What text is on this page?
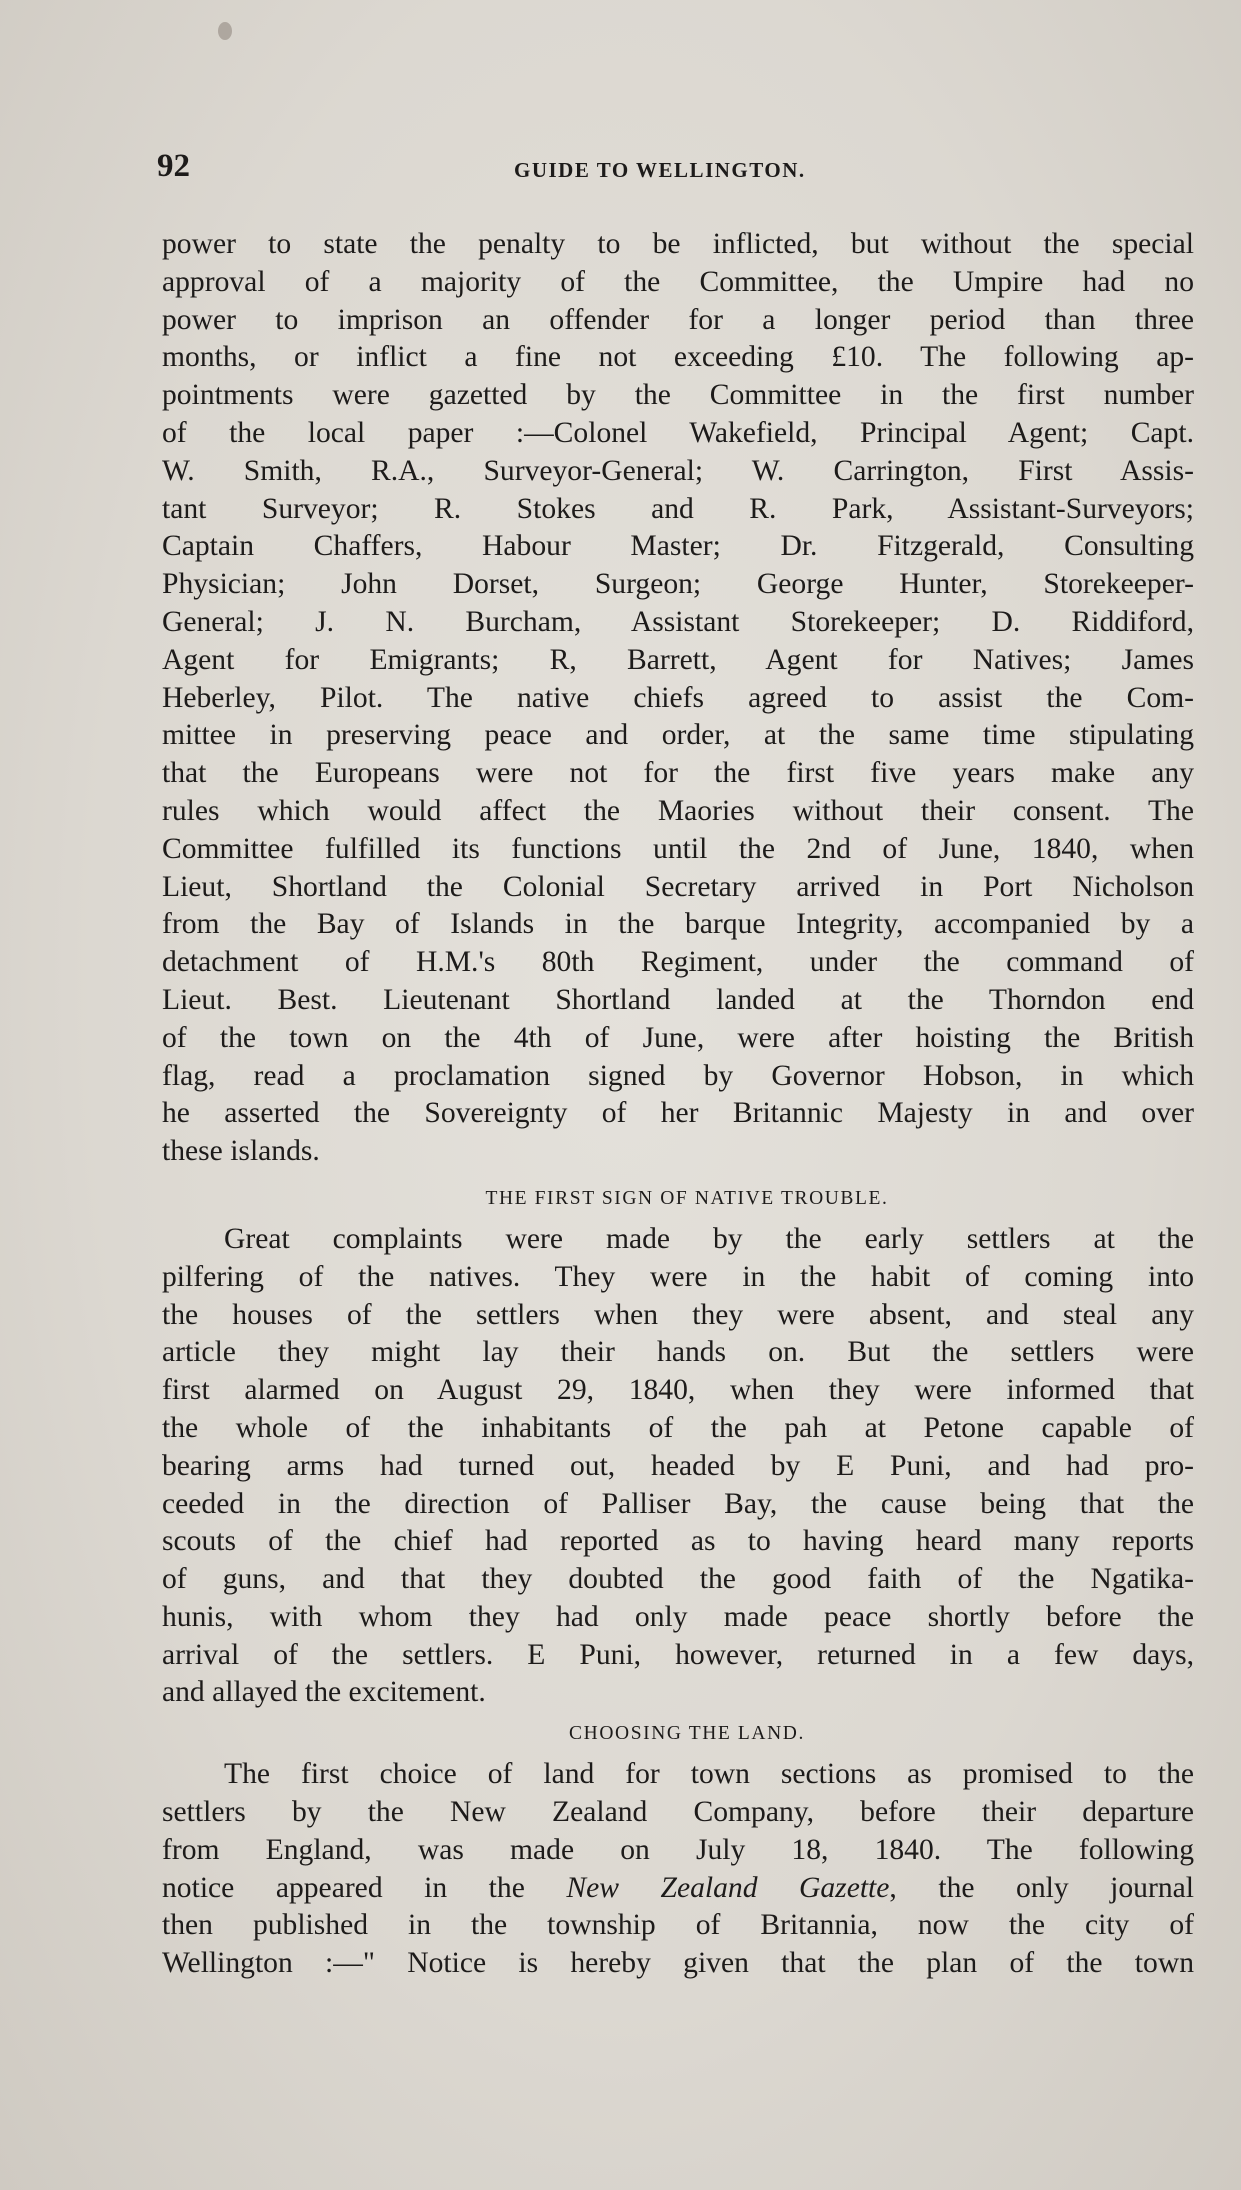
92	GUIDE TO WELLINGTON.
power to state the penalty to be inflicted, but without the special
approval of a majority of the Committee, the Umpire had no
power to imprison an offender for a longer period than three
months, or inflict a fine not exceeding £10. The following ap-
pointments were gazetted by the Committee in the first number
of the local paper :—Colonel Wakefield, Principal Agent; Capt.
W. Smith, R.A., Surveyor-General; W. Carrington, First Assis-
tant Surveyor; R. Stokes and R. Park, Assistant-Surveyors;
Captain Chaffers, Habour Master; Dr. Fitzgerald, Consulting
Physician; John Dorset, Surgeon; George Hunter, Storekeeper-
General; J. N. Burcham, Assistant Storekeeper; D. Riddiford,
Agent for Emigrants; R, Barrett, Agent for Natives; James
Heberley, Pilot. The native chiefs agreed to assist the Com-
mittee in preserving peace and order, at the same time stipulating
that the Europeans were not for the first five years make any
rules which would affect the Maories without their consent. The
Committee fulfilled its functions until the 2nd of June, 1840, when
Lieut, Shortland the Colonial Secretary arrived in Port Nicholson
from the Bay of Islands in the barque Integrity, accompanied by a
detachment of H.M.'s 80th Regiment, under the command of
Lieut. Best. Lieutenant Shortland landed at the Thorndon end
of the town on the 4th of June, were after hoisting the British
flag, read a proclamation signed by Governor Hobson, in which
he asserted the Sovereignty of her Britannic Majesty in and over
these islands.
THE FIRST SIGN OF NATIVE TROUBLE.
Great complaints were made by the early settlers at the
pilfering of the natives. They were in the habit of coming into
the houses of the settlers when they were absent, and steal any
article they might lay their hands on. But the settlers were
first alarmed on August 29, 1840, when they were informed that
the whole of the inhabitants of the pah at Petone capable of
bearing arms had turned out, headed by E Puni, and had pro-
ceeded in the direction of Palliser Bay, the cause being that the
scouts of the chief had reported as to having heard many reports
of guns, and that they doubted the good faith of the Ngatika-
hunis, with whom they had only made peace shortly before the
arrival of the settlers. E Puni, however, returned in a few days,
and allayed the excitement.
CHOOSING THE LAND.
The first choice of land for town sections as promised to the
settlers by the New Zealand Company, before their departure
from England, was made on July 18, 1840. The following
notice appeared in the New Zealand Gazette, the only journal
then published in the township of Britannia, now the city of
Wellington :—" Notice is hereby given that the plan of the town
